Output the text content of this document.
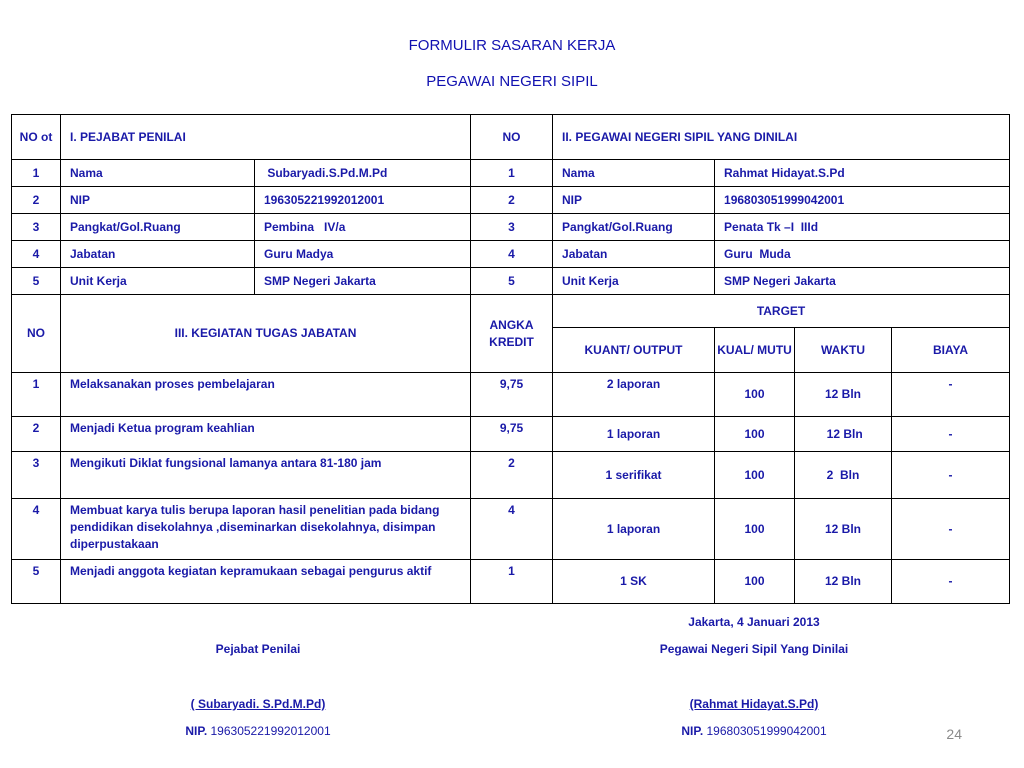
FORMULIR SASARAN KERJA
PEGAWAI NEGERI SIPIL
NO ot	I. PEJABAT PENILAI		NO	II. PEGAWAI NEGERI SIPIL YANG DINILAI			
1	Nama	Subaryadi.S.Pd.M.Pd	1	Nama	Rahmat Hidayat.S.Pd		
2	NIP	196305221992012001	2	NIP	196803051999042001		
3	Pangkat/Gol.Ruang	Pembina   IV/a	3	Pangkat/Gol.Ruang	Penata Tk –I  IIId		
4	Jabatan	Guru Madya	4	Jabatan	Guru  Muda		
5	Unit Kerja	SMP Negeri Jakarta	5	Unit Kerja	SMP Negeri Jakarta		
NO	III. KEGIATAN TUGAS JABATAN		ANGKA KREDIT	TARGET			
				KUANT/ OUTPUT	KUAL/ MUTU	WAKTU	BIAYA
1	Melaksanakan proses pembelajaran		9,75	2 laporan	100	12 Bln	-
2	Menjadi Ketua program keahlian		9,75	1 laporan	100	12 Bln	-
3	Mengikuti Diklat fungsional lamanya antara 81-180 jam		2	1 serifikat	100	2  Bln	-
4	Membuat karya tulis berupa laporan hasil penelitian pada bidang pendidikan disekolahnya ,diseminarkan disekolahnya, disimpan diperpustakaan		4	1 laporan	100	12 Bln	-
5	Menjadi anggota kegiatan kepramukaan sebagai pengurus aktif		1	1 SK	100	12 Bln	-
Jakarta, 4 Januari 2013
Pejabat Penilai	Pegawai Negeri Sipil Yang Dinilai
( Subaryadi. S.Pd.M.Pd)	(Rahmat Hidayat.S.Pd)
NIP. 196305221992012001	NIP. 196803051999042001	24
